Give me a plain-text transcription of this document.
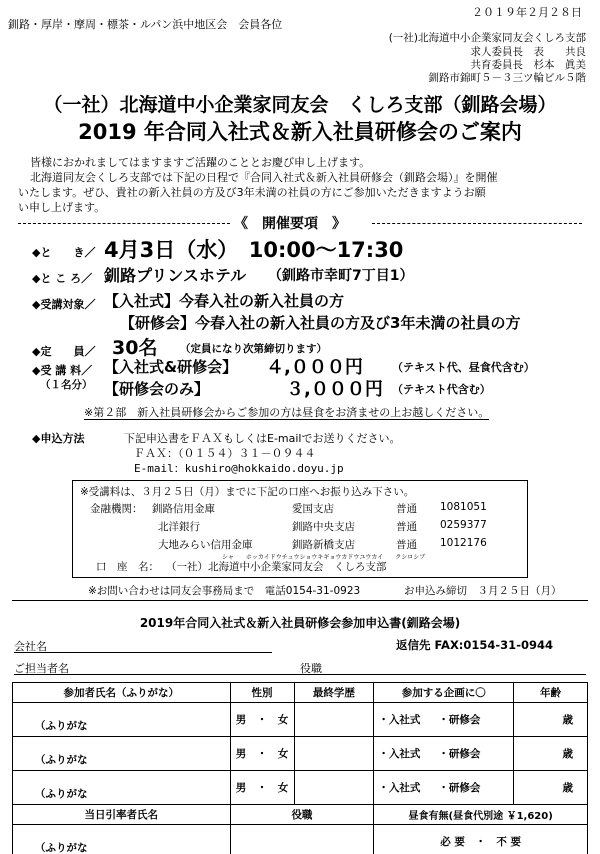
２０１９年２月２８日
釧路・厚岸・摩周・標茶・ルパン浜中地区会　会員各位
(一社)北海道中小企業家同友会くしろ支部
求人委員長　表　　共良
共育委員長　杉本　眞美
釧路市錦町５－３三ツ輪ビル５階
（一社）北海道中小企業家同友会　くしろ支部（釧路会場）
2019 年合同入社式＆新入社員研修会のご案内
皆様におかれましてはますますご活躍のこととお慶び申し上げます。
北海道同友会くしろ支部では下記の日程で『合同入社式＆新入社員研修会（釧路会場）』を開催
いたします。ぜひ、貴社の新入社員の方及び3年未満の社員の方にご参加いただきますようお願
い申し上げます。
《　開催要項　》
◆と　　き／ 4月3日（水）　10:00～17:30
◆と こ ろ／ 釧路プリンスホテル （釧路市幸町7丁目1）
◆受講対象／ 【入社式】今春入社の新入社員の方
【研修会】今春入社の新入社員の方及び3年未満の社員の方
◆定　　員／ 30名 （定員になり次第締切ります）
◆受 講 料／
（１名分）
【入社式&研修会】 ４,０００円	（テキスト代、昼食代含む）
【研修会のみ】	３,０００円 （テキスト代含む）
※第２部　新入社員研修会からご参加の方は昼食をお済ませの上お越しください。
◆申込方法	下記申込書をＦＡＸもしくはE-mailでお送りください。
ＦＡＸ：（０１５４）３１－０９４４
E-mail：kushiro@hokkaido.doyu.jp
※受講料は、３月２５日（月）までに下記の口座へお振り込み下さい。
金融機関： 釧路信用金庫	愛国支店	普通 1081051
北洋銀行	釧路中央支店	普通 0259377
大地みらい信用金庫	釧路新橋支店	普通 1012176
シャ　　ホッカイドウチュウショウキギョウカドウユウカイ　　クシロシブ
口　座　名： （一社）北海道中小企業家同友会　くしろ支部
※お問い合わせは同友会事務局まで　電話0154-31-0923	お申込み締切　３月２５日（月）
2019年合同入社式＆新入社員研修会参加申込書(釧路会場)
会社名	返信先 FAX:0154-31-0944
ご担当者名	役職
参加者氏名（ふりがな）	性別	最終学歴	参加する企画に〇	年齢
（ふりがな	男　・　女		・入社式 ・研修会	歳
（ふりがな	男　・　女		・入社式 ・研修会	歳
（ふりがな	男　・　女		・入社式 ・研修会	歳
当日引率者氏名	役職		昼食有無(昼食代別途 ￥1,620)	
（ふりがな			必 要　・　不 要	
